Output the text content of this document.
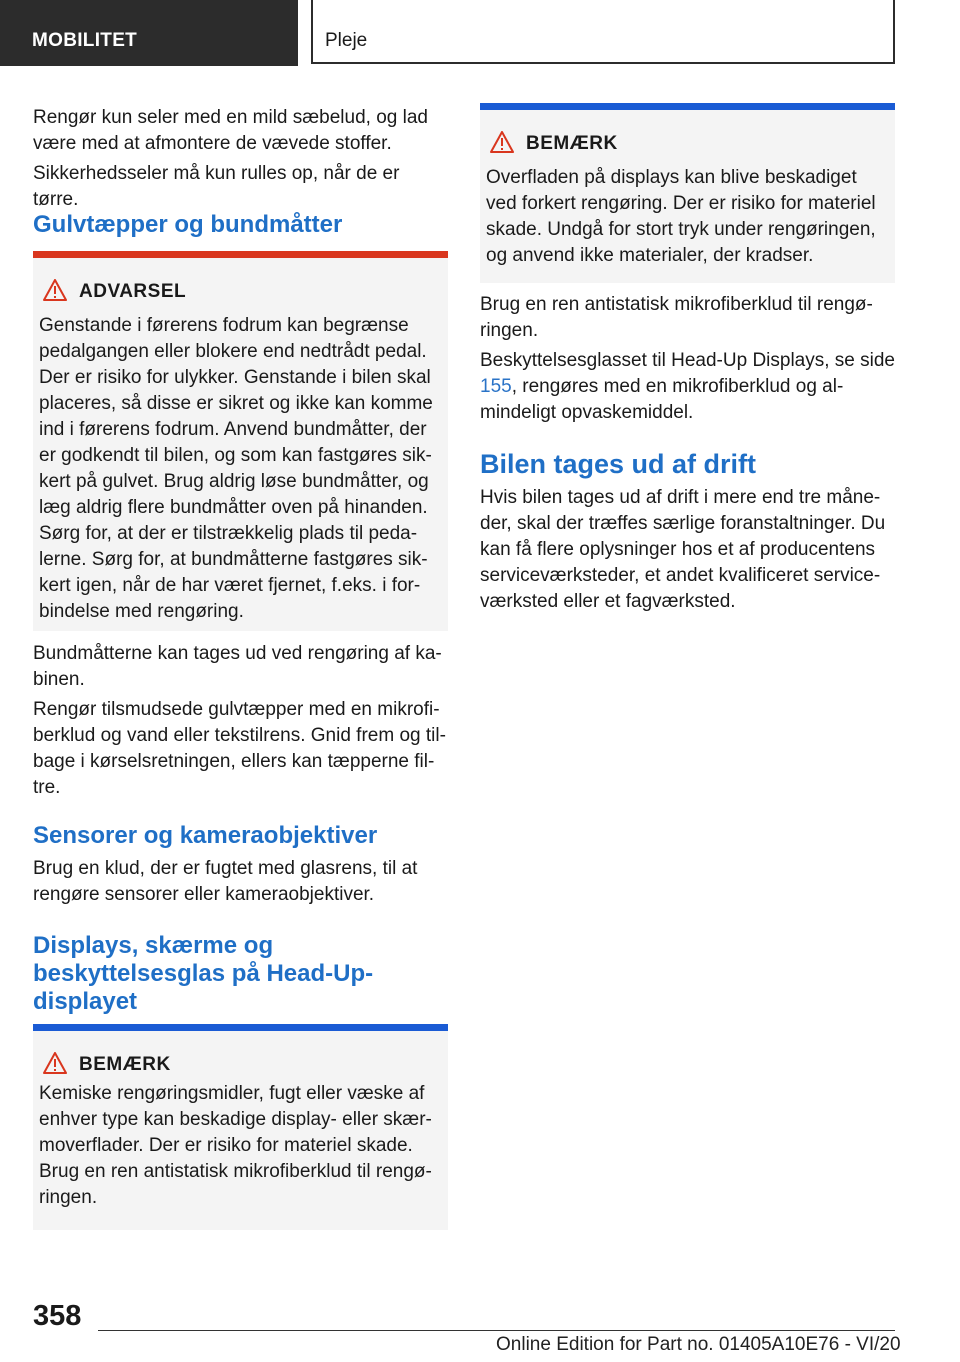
MOBILITET	Pleje

Rengør kun seler med en mild sæbelud, og lad være med at afmontere de vævede stoffer.

Sikkerhedsseler må kun rulles op, når de er tørre.

Gulvtæpper og bundmåtter
ADVARSEL

Genstande i førerens fodrum kan begrænse pedalgangen eller blokere end nedtrådt pedal. Der er risiko for ulykker. Genstande i bilen skal placeres, så disse er sikret og ikke kan komme ind i førerens fodrum. Anvend bundmåtter, der er godkendt til bilen, og som kan fastgøres sikkert på gulvet. Brug aldrig løse bundmåtter, og læg aldrig flere bundmåtter oven på hinanden. Sørg for, at der er tilstrækkelig plads til pedalerne. Sørg for, at bundmåtterne fastgøres sikkert igen, når de har været fjernet, f.eks. i forbindelse med rengøring.

Bundmåtterne kan tages ud ved rengøring af kabinen.

Rengør tilsmudsede gulvtæpper med en mikrofiberklud og vand eller tekstilrens. Gnid frem og tilbage i kørselsretningen, ellers kan tæpperne filtre.

Sensorer og kameraobjektiver

Brug en klud, der er fugtet med glasrens, til at rengøre sensorer eller kameraobjektiver.

Displays, skærme og beskyttelsesglas på Head-Up-displayet
BEMÆRK

Kemiske rengøringsmidler, fugt eller væske af enhver type kan beskadige display- eller skærmoverflader. Der er risiko for materiel skade. Brug en ren antistatisk mikrofiberklud til rengøringen.

BEMÆRK

Overfladen på displays kan blive beskadiget ved forkert rengøring. Der er risiko for materiel skade. Undgå for stort tryk under rengøringen, og anvend ikke materialer, der kradser.

Brug en ren antistatisk mikrofiberklud til rengøringen.

Beskyttelsesglasset til Head-Up Displays, se side 155, rengøres med en mikrofiberklud og almindeligt opvaskemiddel.

Bilen tages ud af drift

Hvis bilen tages ud af drift i mere end tre måneder, skal der træffes særlige foranstaltninger. Du kan få flere oplysninger hos et af producentens serviceværksteder, et andet kvalificeret serviceværksted eller et fagværksted.

358
Online Edition for Part no. 01405A10E76 - VI/20
